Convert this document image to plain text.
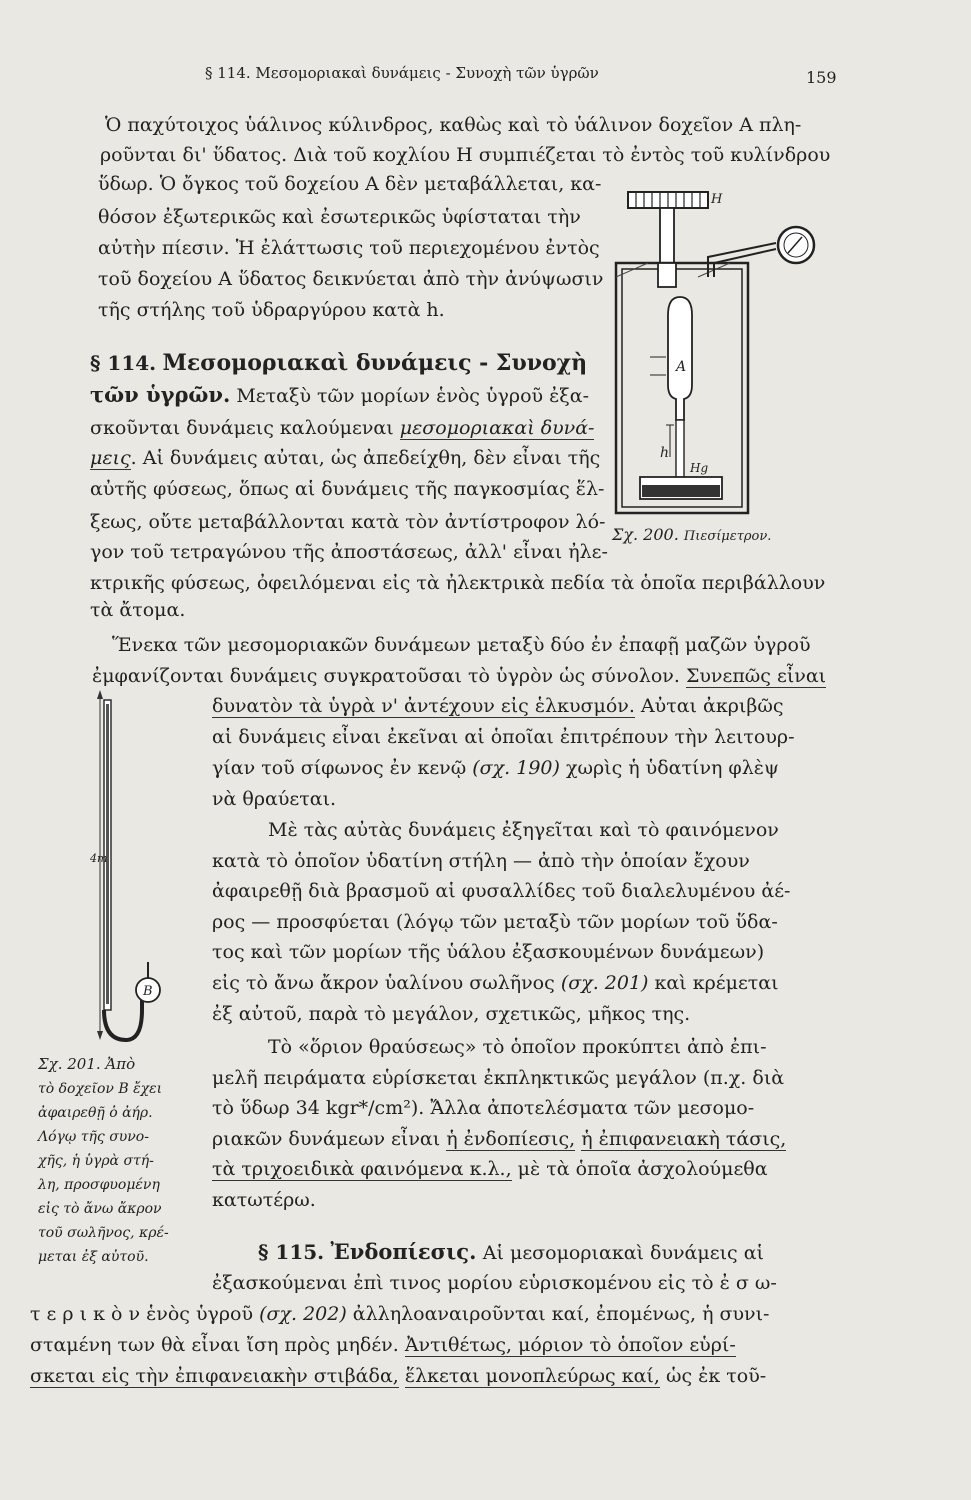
§ 114. Μεσομοριακαὶ δυνάμεις - Συνοχὴ τῶν ὑγρῶν	159
Ὁ παχύτοιχος ὑάλινος κύλινδρος, καθὼς καὶ τὸ ὑάλινον δοχεῖον Α πλη-
ροῦνται δι' ὕδατος. Διὰ τοῦ κοχλίου Η συμπιέζεται τὸ ἐντὸς τοῦ κυλίνδρου
ὕδωρ. Ὁ ὄγκος τοῦ δοχείου Α δὲν μεταβάλλεται, κα-
θόσον ἐξωτερικῶς καὶ ἐσωτερικῶς ὑφίσταται τὴν
αὐτὴν πίεσιν. Ἡ ἐλάττωσις τοῦ περιεχομένου ἐντὸς
τοῦ δοχείου Α ὕδατος δεικνύεται ἀπὸ τὴν ἀνύψωσιν
τῆς στήλης τοῦ ὑδραργύρου κατὰ h.
H
A
h
Hg
Σχ. 200. Πιεσίμετρον.
§ 114. Μεσομοριακαὶ δυνάμεις - Συνοχὴ
τῶν ὑγρῶν. Μεταξὺ τῶν μορίων ἑνὸς ὑγροῦ ἐξα-
σκοῦνται δυνάμεις καλούμεναι μεσομοριακαὶ δυνά-
μεις. Αἱ δυνάμεις αὐται, ὡς ἀπεδείχθη, δὲν εἶναι τῆς
αὐτῆς φύσεως, ὅπως αἱ δυνάμεις τῆς παγκοσμίας ἕλ-
ξεως, οὔτε μεταβάλλονται κατὰ τὸν ἀντίστροφον λό-
γον τοῦ τετραγώνου τῆς ἀποστάσεως, ἀλλ' εἶναι ἠλε-
κτρικῆς φύσεως, ὀφειλόμεναι εἰς τὰ ἠλεκτρικὰ πεδία τὰ ὁποῖα περιβάλλουν
τὰ ἄτομα.
Ἕνεκα τῶν μεσομοριακῶν δυνάμεων μεταξὺ δύο ἐν ἐπαφῇ μαζῶν ὑγροῦ
ἐμφανίζονται δυνάμεις συγκρατοῦσαι τὸ ὑγρὸν ὡς σύνολον. Συνεπῶς εἶναι
δυνατὸν τὰ ὑγρὰ ν' ἀντέχουν εἰς ἑλκυσμόν. Αὐται ἀκριβῶς
αἱ δυνάμεις εἶναι ἐκεῖναι αἱ ὁποῖαι ἐπιτρέπουν τὴν λειτουρ-
γίαν τοῦ σίφωνος ἐν κενῷ (σχ. 190) χωρὶς ἡ ὑδατίνη φλὲψ
νὰ θραύεται.
Μὲ τὰς αὐτὰς δυνάμεις ἐξηγεῖται καὶ τὸ φαινόμενον
κατὰ τὸ ὁποῖον ὑδατίνη στήλη — ἀπὸ τὴν ὁποίαν ἔχουν
ἀφαιρεθῇ διὰ βρασμοῦ αἱ φυσαλλίδες τοῦ διαλελυμένου ἀέ-
ρος — προσφύεται (λόγῳ τῶν μεταξὺ τῶν μορίων τοῦ ὕδα-
τος καὶ τῶν μορίων τῆς ὑάλου ἐξασκουμένων δυνάμεων)
εἰς τὸ ἄνω ἄκρον ὑαλίνου σωλῆνος (σχ. 201) καὶ κρέμεται
ἐξ αὐτοῦ, παρὰ τὸ μεγάλον, σχετικῶς, μῆκος της.
4m
B
Σχ. 201. Ἀπὸ
τὸ δοχεῖον Β ἔχει
ἀφαιρεθῇ ὁ ἀήρ.
Λόγῳ τῆς συνο-
χῆς, ἡ ὑγρὰ στή-
λη, προσφυομένη
εἰς τὸ ἄνω ἄκρον
τοῦ σωλῆνος, κρέ-
μεται ἐξ αὐτοῦ.
Τὸ «ὅριον θραύσεως» τὸ ὁποῖον προκύπτει ἀπὸ ἐπι-
μελῆ πειράματα εὑρίσκεται ἐκπληκτικῶς μεγάλον (π.χ. διὰ
τὸ ὕδωρ 34 kgr*/cm²). Ἄλλα ἀποτελέσματα τῶν μεσομο-
ριακῶν δυνάμεων εἶναι ἡ ἐνδοπίεσις, ἡ ἐπιφανειακὴ τάσις,
τὰ τριχοειδικὰ φαινόμενα κ.λ., μὲ τὰ ὁποῖα ἀσχολούμεθα
κατωτέρω.
§ 115. Ἐνδοπίεσις. Αἱ μεσομοριακαὶ δυνάμεις αἱ
ἐξασκούμεναι ἐπὶ τινος μορίου εὑρισκομένου εἰς τὸ ἐ σ ω-
τ ε ρ ι κ ὸ ν ἑνὸς ὑγροῦ (σχ. 202) ἀλληλοαναιροῦνται καί, ἐπομένως, ἡ συνι-
σταμένη των θὰ εἶναι ἴση πρὸς μηδέν. Ἀντιθέτως, μόριον τὸ ὁποῖον εὑρί-
σκεται εἰς τὴν ἐπιφανειακὴν στιβάδα, ἕλκεται μονοπλεύρως καί, ὡς ἐκ τοῦ-
